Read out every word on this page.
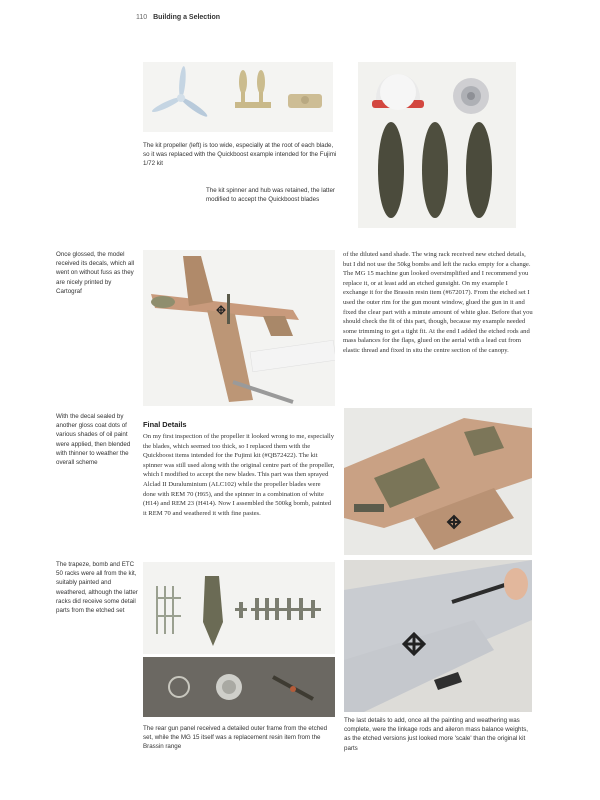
110 Building a Selection
The kit propeller (left) is too wide, especially at the root of each blade, so it was replaced with the Quickboost example intended for the Fujimi 1/72 kit
The kit spinner and hub was retained, the latter modified to accept the Quickboost blades
Once glossed, the model received its decals, which all went on without fuss as they are nicely printed by Cartograf
With the decal sealed by another gloss coat dots of various shades of oil paint were applied, then blended with thinner to weather the overall scheme
The trapeze, bomb and ETC 50 racks were all from the kit, suitably painted and weathered, although the latter racks did receive some detail parts from the etched set
of the diluted sand shade. The wing rack received new etched details, but I did not use the 50kg bombs and left the racks empty for a change. The MG 15 machine gun looked oversimplified and I recommend you replace it, or at least add an etched gunsight. On my example I exchange it for the Brassin resin item (#672017). From the etched set I used the outer rim for the gun mount window, glued the gun in it and fixed the clear part with a minute amount of white glue. Before that you should check the fit of this part, though, because my example needed some trimming to get a tight fit. At the end I added the etched rods and mass balances for the flaps, glued on the aerial with a lead cut from elastic thread and fixed in situ the centre section of the canopy.
Final Details
On my first inspection of the propeller it looked wrong to me, especially the blades, which seemed too thick, so I replaced them with the Quickboost items intended for the Fujimi kit (#QB72422). The kit spinner was still used along with the original centre part of the propeller, which I modified to accept the new blades. This part was then sprayed Alclad II Duraluminium (ALC102) while the propeller blades were done with REM 70 (H65), and the spinner in a combination of white (H14) and REM 23 (H414). Now I assembled the 500kg bomb, painted it REM 70 and weathered it with fine pastes.
The rear gun panel received a detailed outer frame from the etched set, while the MG 15 itself was a replacement resin item from the Brassin range
The last details to add, once all the painting and weathering was complete, were the linkage rods and aileron mass balance weights, as the etched versions just looked more 'scale' than the original kit parts
